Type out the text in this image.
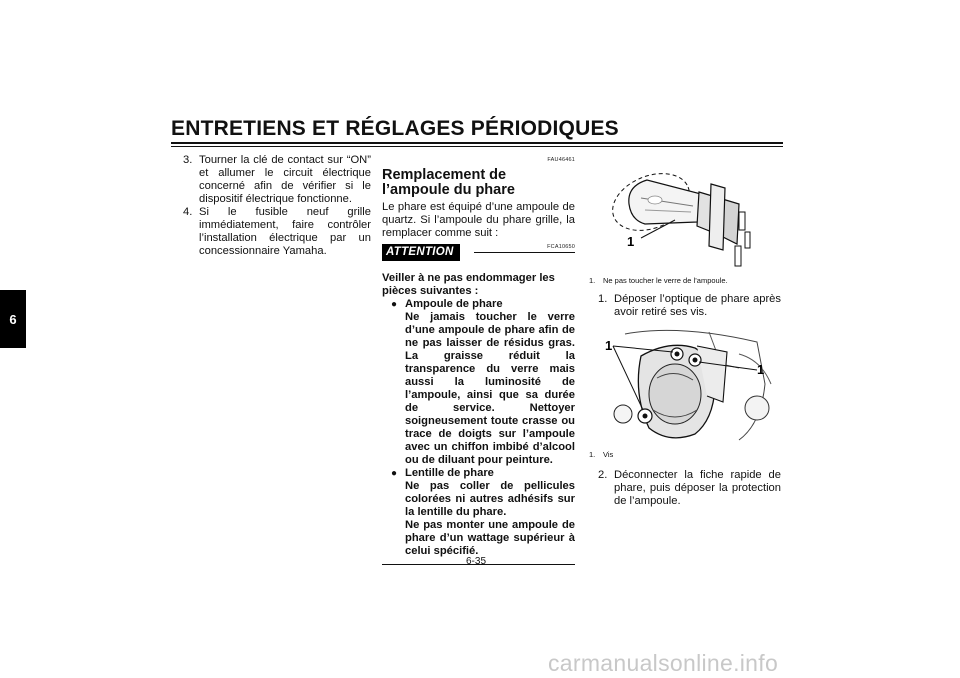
ENTRETIENS ET RÉGLAGES PÉRIODIQUES
6
3. Tourner la clé de contact sur “ON” et allumer le circuit électrique concerné afin de vérifier si le dispositif électrique fonctionne.
4. Si le fusible neuf grille immédiatement, faire contrôler l’installation électrique par un concessionnaire Yamaha.
FAU46461
Remplacement de l’ampoule du phare
Le phare est équipé d’une ampoule de quartz. Si l’ampoule du phare grille, la remplacer comme suit :
ATTENTION	FCA10650
Veiller à ne pas endommager les pièces suivantes :
● Ampoule de phare
Ne jamais toucher le verre d’une ampoule de phare afin de ne pas laisser de résidus gras. La graisse réduit la transparence du verre mais aussi la luminosité de l’ampoule, ainsi que sa durée de service. Nettoyer soigneusement toute crasse ou trace de doigts sur l’ampoule avec un chiffon imbibé d’alcool ou de diluant pour peinture.
● Lentille de phare
Ne pas coller de pellicules colorées ni autres adhésifs sur la lentille du phare.
Ne pas monter une ampoule de phare d’un wattage supérieur à celui spécifié.
1
1.	Ne pas toucher le verre de l’ampoule.
1. Déposer l’optique de phare après avoir retiré ses vis.
1
1
1.	Vis
2. Déconnecter la fiche rapide de phare, puis déposer la protection de l’ampoule.
6-35
carmanualsonline.info
